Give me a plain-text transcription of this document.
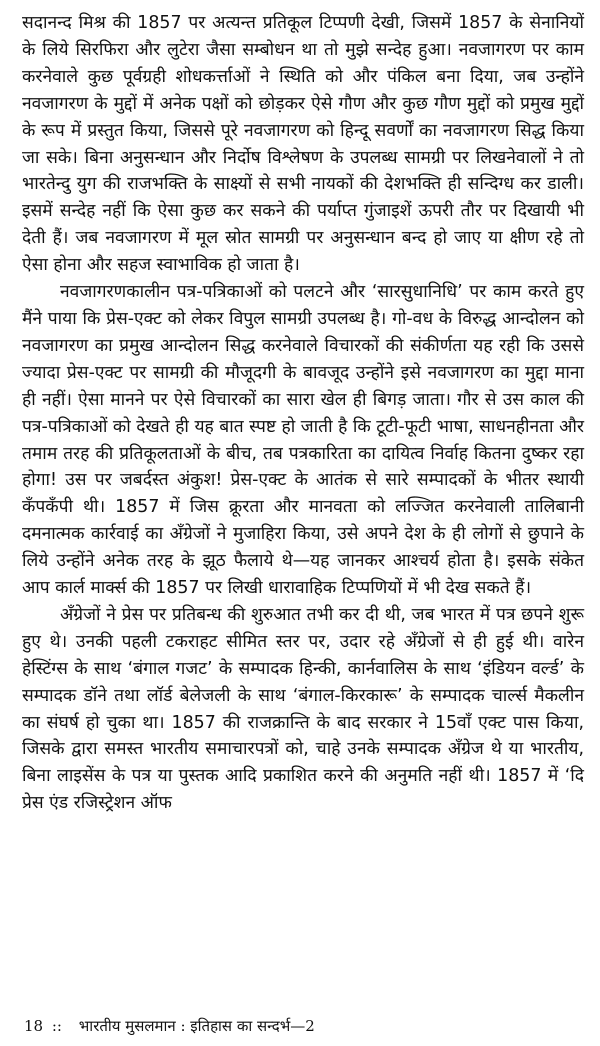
सदानन्द मिश्र की 1857 पर अत्यन्त प्रतिकूल टिप्पणी देखी, जिसमें 1857 के सेनानियों के लिये सिरफिरा और लुटेरा जैसा सम्बोधन था तो मुझे सन्देह हुआ। नवजागरण पर काम करनेवाले कुछ पूर्वग्रही शोधकर्त्ताओं ने स्थिति को और पंकिल बना दिया, जब उन्होंने नवजागरण के मुद्दों में अनेक पक्षों को छोड़कर ऐसे गौण और कुछ गौण मुद्दों को प्रमुख मुद्दों के रूप में प्रस्तुत किया, जिससे पूरे नवजागरण को हिन्दू सवर्णों का नवजागरण सिद्ध किया जा सके। बिना अनुसन्धान और निर्दोष विश्लेषण के उपलब्ध सामग्री पर लिखनेवालों ने तो भारतेन्दु युग की राजभक्ति के साक्ष्यों से सभी नायकों की देशभक्ति ही सन्दिग्ध कर डाली। इसमें सन्देह नहीं कि ऐसा कुछ कर सकने की पर्याप्त गुंजाइशें ऊपरी तौर पर दिखायी भी देती हैं। जब नवजागरण में मूल स्रोत सामग्री पर अनुसन्धान बन्द हो जाए या क्षीण रहे तो ऐसा होना और सहज स्वाभाविक हो जाता है।

नवजागरणकालीन पत्र-पत्रिकाओं को पलटने और ‘सारसुधानिधि’ पर काम करते हुए मैंने पाया कि प्रेस-एक्ट को लेकर विपुल सामग्री उपलब्ध है। गो-वध के विरुद्ध आन्दोलन को नवजागरण का प्रमुख आन्दोलन सिद्ध करनेवाले विचारकों की संकीर्णता यह रही कि उससे ज्यादा प्रेस-एक्ट पर सामग्री की मौजूदगी के बावजूद उन्होंने इसे नवजागरण का मुद्दा माना ही नहीं। ऐसा मानने पर ऐसे विचारकों का सारा खेल ही बिगड़ जाता। गौर से उस काल की पत्र-पत्रिकाओं को देखते ही यह बात स्पष्ट हो जाती है कि टूटी-फूटी भाषा, साधनहीनता और तमाम तरह की प्रतिकूलताओं के बीच, तब पत्रकारिता का दायित्व निर्वाह कितना दुष्कर रहा होगा! उस पर जबर्दस्त अंकुश! प्रेस-एक्ट के आतंक से सारे सम्पादकों के भीतर स्थायी कँपकँपी थी। 1857 में जिस क्रूरता और मानवता को लज्जित करनेवाली तालिबानी दमनात्मक कार्रवाई का अँग्रेजों ने मुजाहिरा किया, उसे अपने देश के ही लोगों से छुपाने के लिये उन्होंने अनेक तरह के झूठ फैलाये थे—यह जानकर आश्चर्य होता है। इसके संकेत आप कार्ल मार्क्स की 1857 पर लिखी धारावाहिक टिप्पणियों में भी देख सकते हैं।

अँग्रेजों ने प्रेस पर प्रतिबन्ध की शुरुआत तभी कर दी थी, जब भारत में पत्र छपने शुरू हुए थे। उनकी पहली टकराहट सीमित स्तर पर, उदार रहे अँग्रेजों से ही हुई थी। वारेन हेस्टिंग्स के साथ ‘बंगाल गजट’ के सम्पादक हिन्की, कार्नवालिस के साथ ‘इंडियन वर्ल्ड’ के सम्पादक डॉने तथा लॉर्ड बेलेजली के साथ ‘बंगाल-किरकारू’ के सम्पादक चार्ल्स मैकलीन का संघर्ष हो चुका था। 1857 की राजक्रान्ति के बाद सरकार ने 15वाँ एक्ट पास किया, जिसके द्वारा समस्त भारतीय समाचारपत्रों को, चाहे उनके सम्पादक अँग्रेज थे या भारतीय, बिना लाइसेंस के पत्र या पुस्तक आदि प्रकाशित करने की अनुमति नहीं थी। 1857 में ‘दि प्रेस एंड रजिस्ट्रेशन ऑफ

18 :: भारतीय मुसलमान : इतिहास का सन्दर्भ—2
